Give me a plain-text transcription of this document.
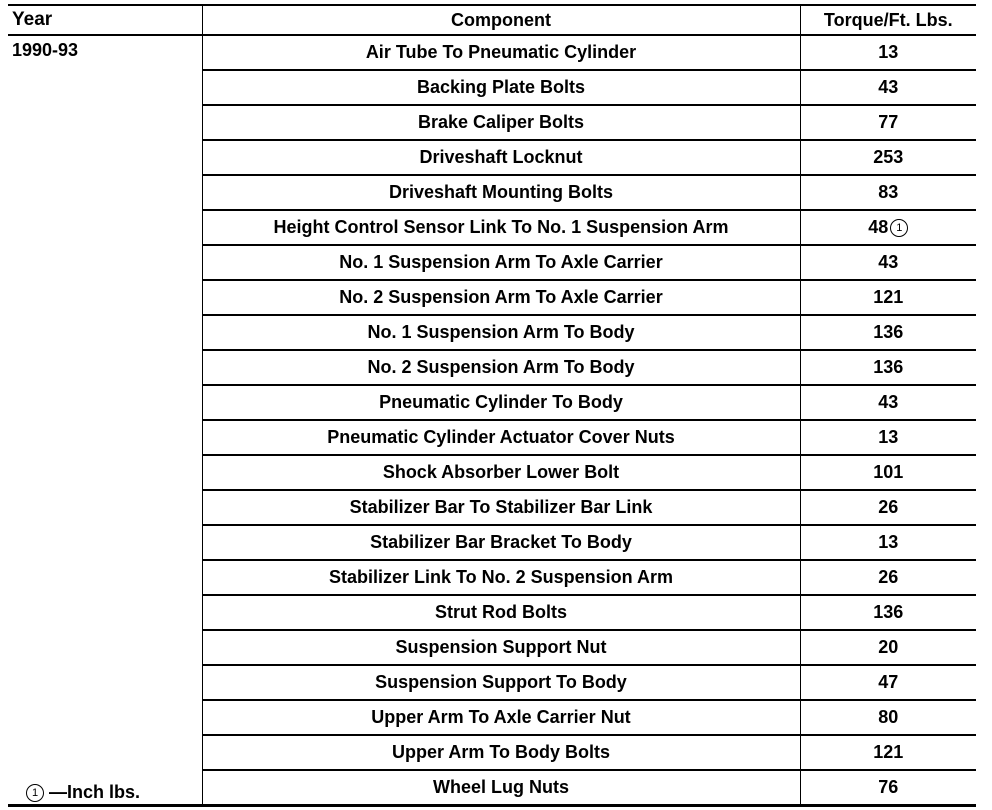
Year	Component	Torque/Ft. Lbs.
1990-93	Air Tube To Pneumatic Cylinder	13
	Backing Plate Bolts	43
	Brake Caliper Bolts	77
	Driveshaft Locknut	253
	Driveshaft Mounting Bolts	83
	Height Control Sensor Link To No. 1 Suspension Arm	48 1
	No. 1 Suspension Arm To Axle Carrier	43
	No. 2 Suspension Arm To Axle Carrier	121
	No. 1 Suspension Arm To Body	136
	No. 2 Suspension Arm To Body	136
	Pneumatic Cylinder To Body	43
	Pneumatic Cylinder Actuator Cover Nuts	13
	Shock Absorber Lower Bolt	101
	Stabilizer Bar To Stabilizer Bar Link	26
	Stabilizer Bar Bracket To Body	13
	Stabilizer Link To No. 2 Suspension Arm	26
	Strut Rod Bolts	136
	Suspension Support Nut	20
	Suspension Support To Body	47
	Upper Arm To Axle Carrier Nut	80
	Upper Arm To Body Bolts	121
	Wheel Lug Nuts	76
1 —Inch lbs.
